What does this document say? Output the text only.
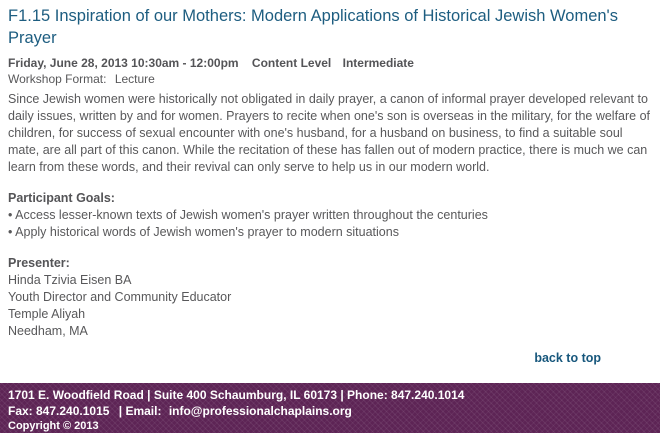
F1.15 Inspiration of our Mothers: Modern Applications of Historical Jewish Women's Prayer
Friday, June 28, 2013 10:30am - 12:00pm Content Level Intermediate
Workshop Format: Lecture

Since Jewish women were historically not obligated in daily prayer, a canon of informal prayer developed relevant to daily issues, written by and for women. Prayers to recite when one's son is overseas in the military, for the welfare of children, for success of sexual encounter with one's husband, for a husband on business, to find a suitable soul mate, are all part of this canon. While the recitation of these has fallen out of modern practice, there is much we can learn from these words, and their revival can only serve to help us in our modern world.

Participant Goals:
• Access lesser-known texts of Jewish women's prayer written throughout the centuries
• Apply historical words of Jewish women's prayer to modern situations
Presenter:
Hinda Tzivia Eisen BA
Youth Director and Community Educator
Temple Aliyah
Needham, MA
back to top
1701 E. Woodfield Road | Suite 400 Schaumburg, IL 60173 | Phone: 847.240.1014
Fax: 847.240.1015 | Email: info@professionalchaplains.org
Copyright © 2013
